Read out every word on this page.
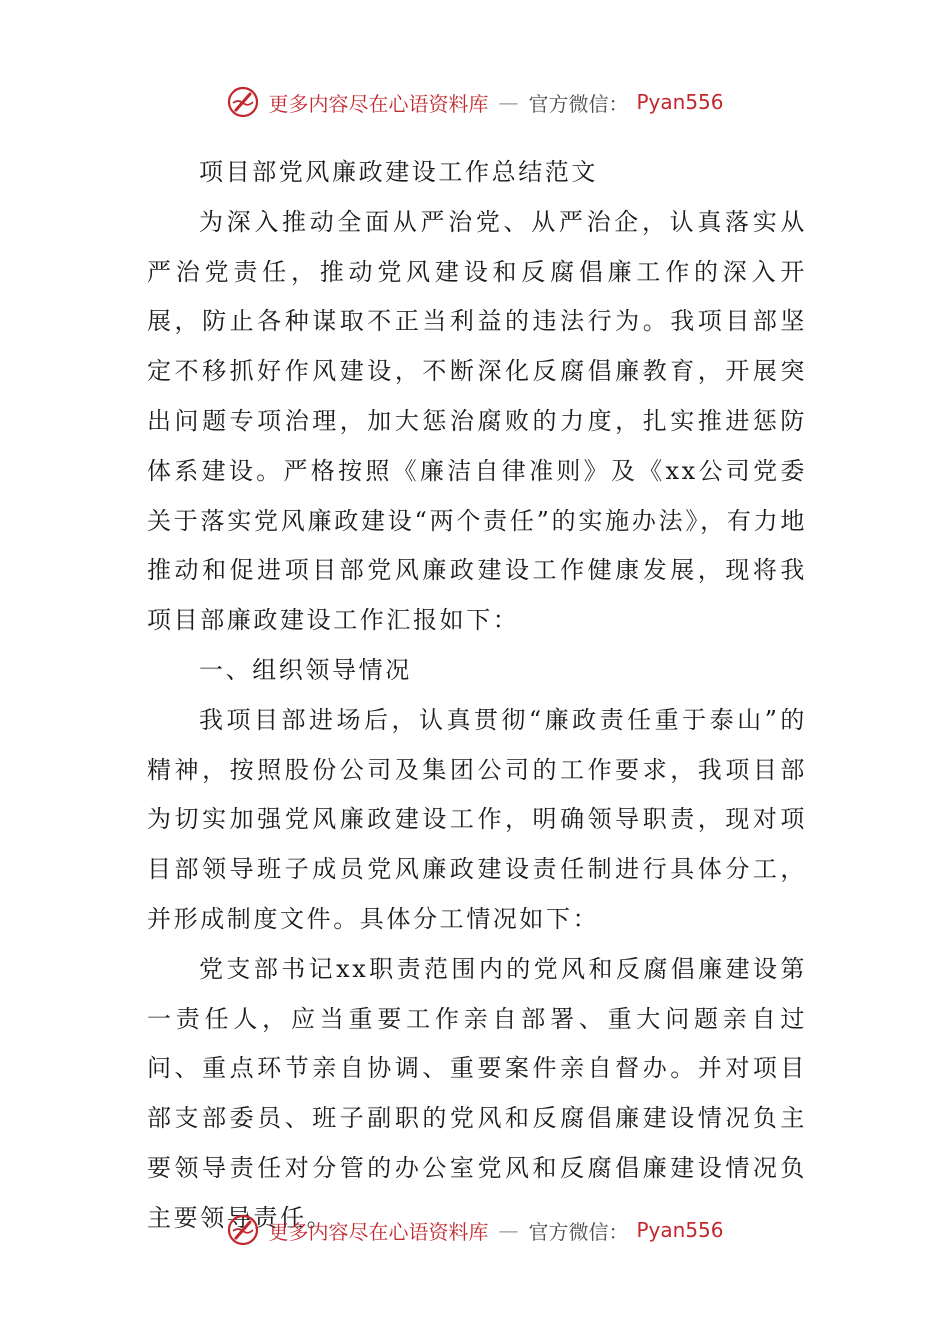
更多内容尽在心语资料库 — 官方微信： Pyan556

项目部党风廉政建设工作总结范文

为深入推动全面从严治党、从严治企，认真落实从严治党责任，推动党风建设和反腐倡廉工作的深入开展，防止各种谋取不正当利益的违法行为。我项目部坚定不移抓好作风建设，不断深化反腐倡廉教育，开展突出问题专项治理，加大惩治腐败的力度，扎实推进惩防体系建设。严格按照《廉洁自律准则》及《xx公司党委关于落实党风廉政建设“两个责任”的实施办法》，有力地推动和促进项目部党风廉政建设工作健康发展，现将我项目部廉政建设工作汇报如下：

一、组织领导情况

我项目部进场后，认真贯彻“廉政责任重于泰山”的精神，按照股份公司及集团公司的工作要求，我项目部为切实加强党风廉政建设工作，明确领导职责，现对项目部领导班子成员党风廉政建设责任制进行具体分工，并形成制度文件。具体分工情况如下：

党支部书记xx职责范围内的党风和反腐倡廉建设第一责任人，应当重要工作亲自部署、重大问题亲自过问、重点环节亲自协调、重要案件亲自督办。并对项目部支部委员、班子副职的党风和反腐倡廉建设情况负主要领导责任对分管的办公室党风和反腐倡廉建设情况负主要领导责任。

更多内容尽在心语资料库 — 官方微信： Pyan556
